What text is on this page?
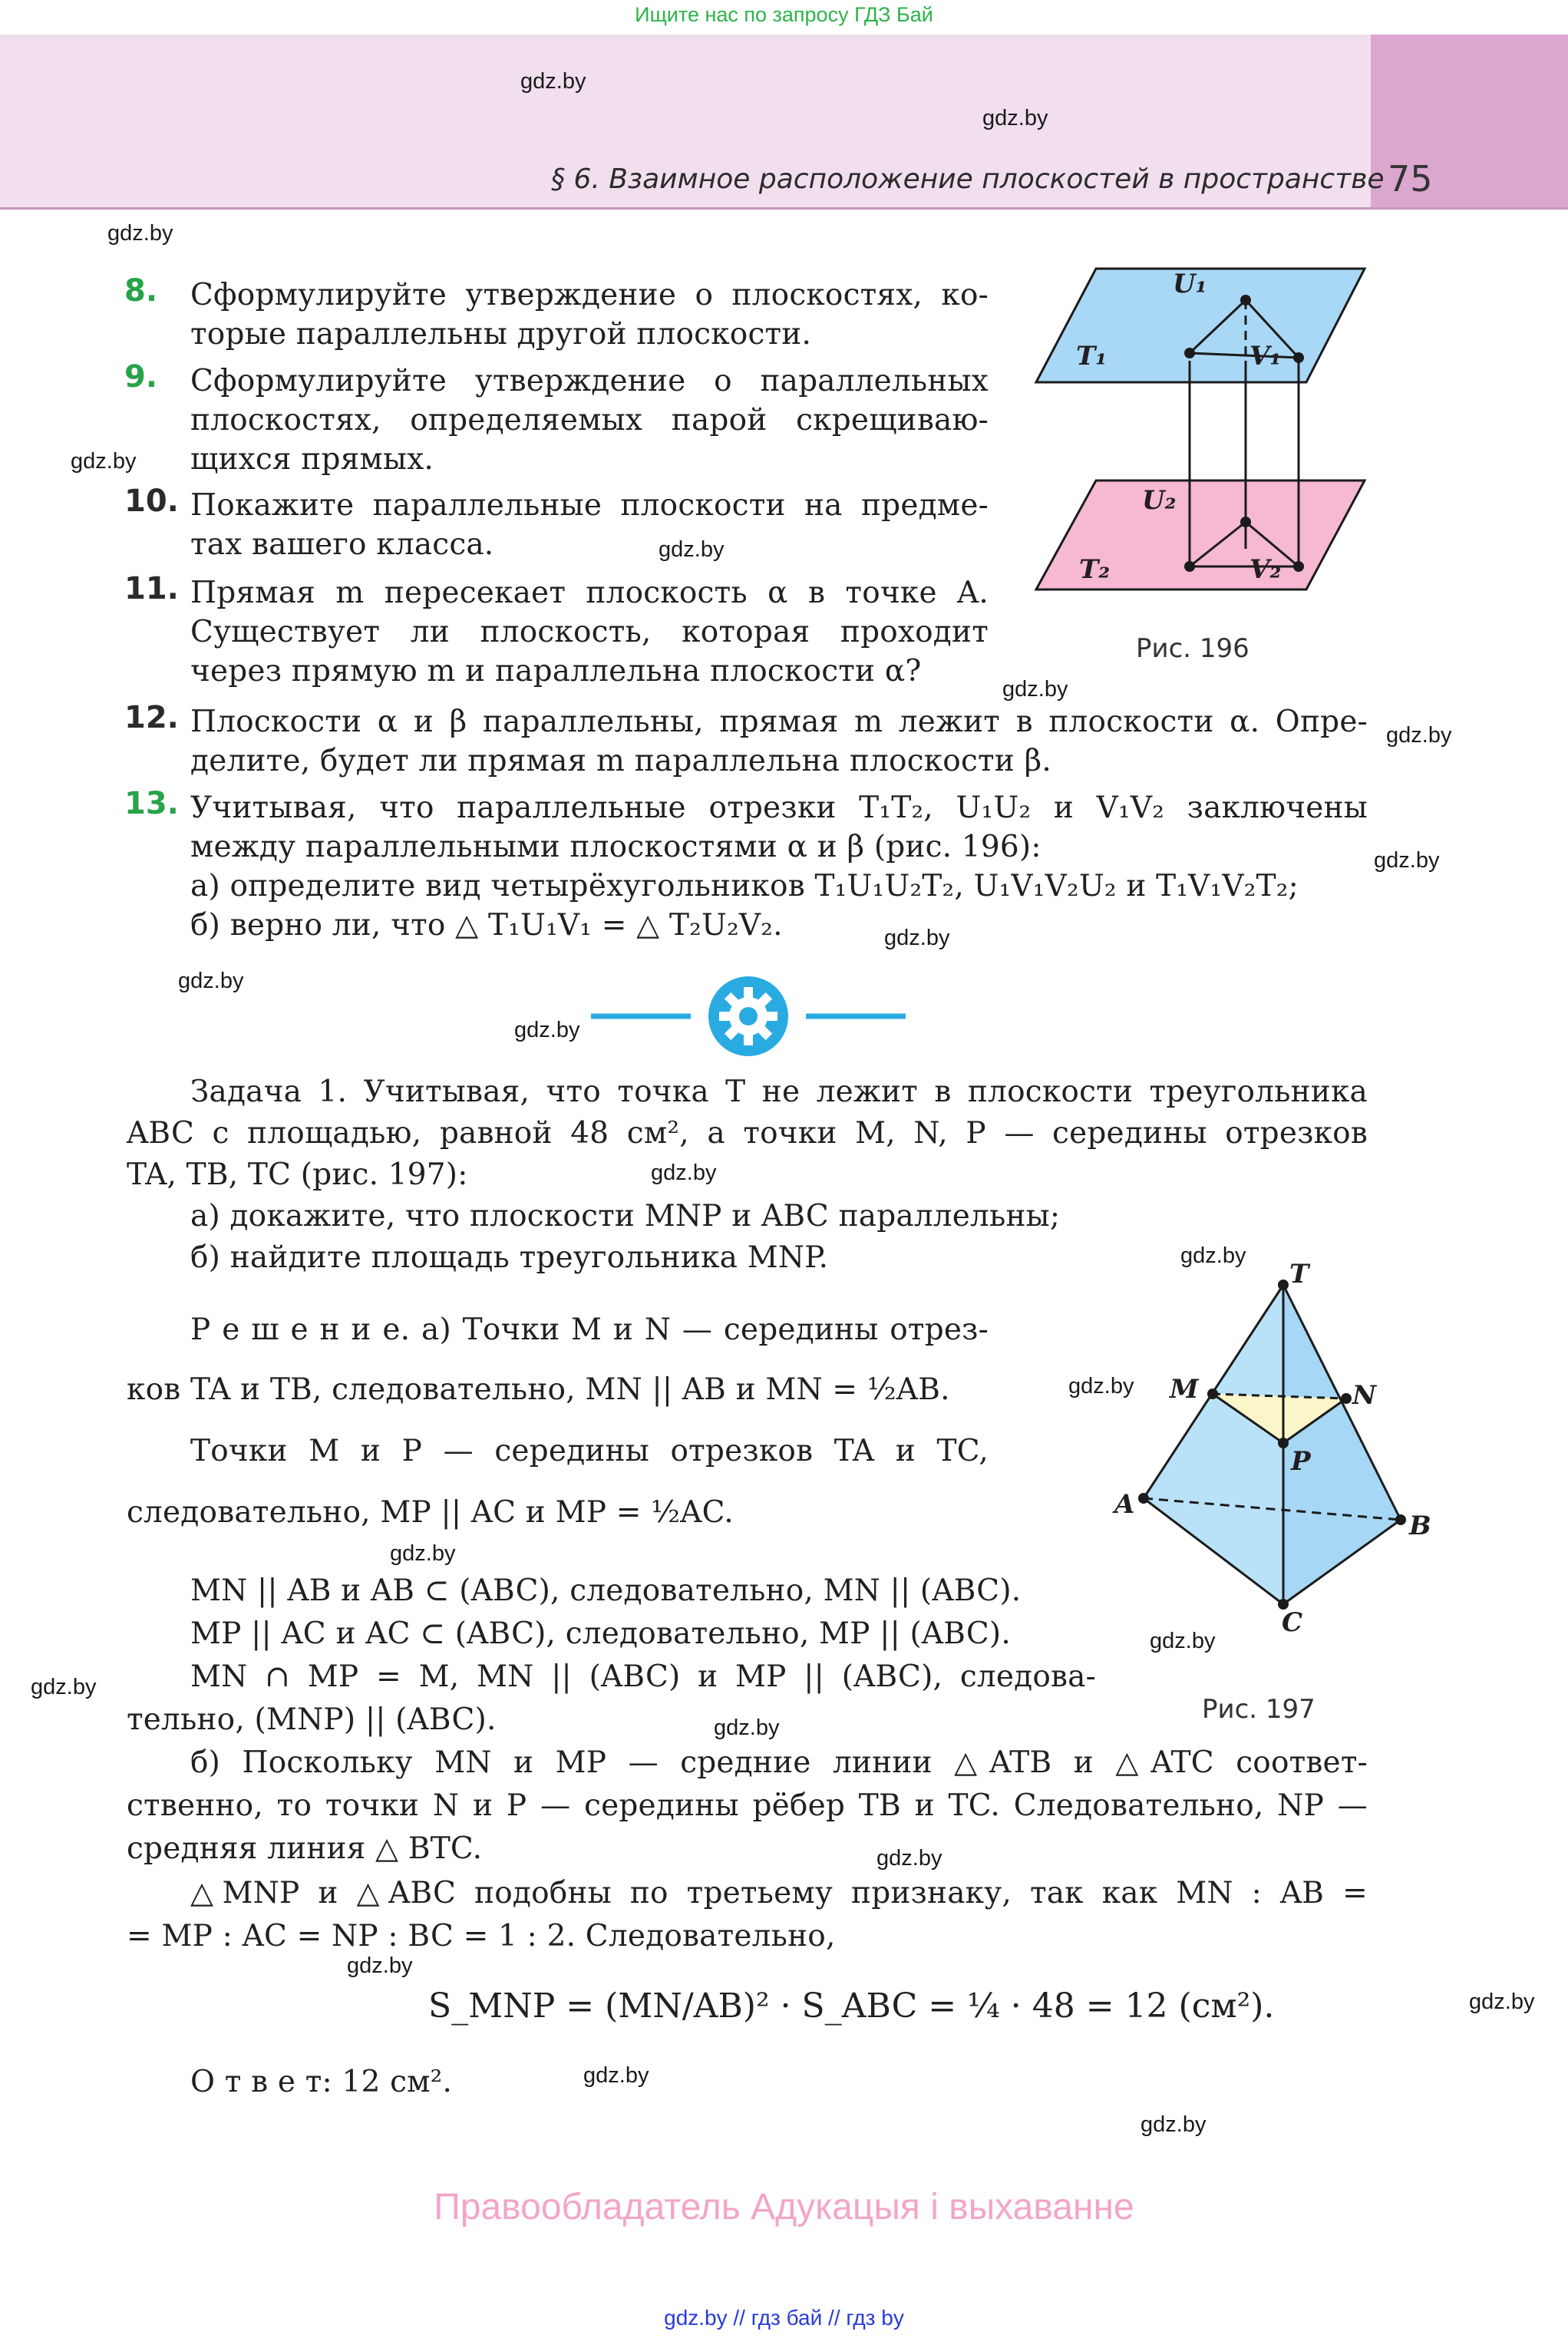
Ищите нас по запросу ГДЗ Бай
§ 6. Взаимное расположение плоскостей в пространстве 75
gdz.by
gdz.by
gdz.by
gdz.by
gdz.by
gdz.by
gdz.by
gdz.by
gdz.by
gdz.by
gdz.by
gdz.by
gdz.by
gdz.by
gdz.by
gdz.by
gdz.by
gdz.by
gdz.by
gdz.by
gdz.by
gdz.by
gdz.by
8. Сформулируйте утверждение о плоскостях, ко-
торые параллельны другой плоскости.
9. Сформулируйте утверждение о параллельных
плоскостях, определяемых парой скрещиваю-
щихся прямых.
10. Покажите параллельные плоскости на предме-
тах вашего класса.
11. Прямая m пересекает плоскость α в точке A.
Существует ли плоскость, которая проходит
через прямую m и параллельна плоскости α?
U₁
T₁	V₁
U₂
T₂	V₂
Рис. 196
12. Плоскости α и β параллельны, прямая m лежит в плоскости α. Опре-
делите, будет ли прямая m параллельна плоскости β.
13. Учитывая, что параллельные отрезки T₁T₂, U₁U₂ и V₁V₂ заключены
между параллельными плоскостями α и β (рис. 196):
а) определите вид четырёхугольников T₁U₁U₂T₂, U₁V₁V₂U₂ и T₁V₁V₂T₂;
б) верно ли, что △ T₁U₁V₁ = △ T₂U₂V₂.
Задача 1. Учитывая, что точка T не лежит в плоскости треугольника
ABC с площадью, равной 48 см², а точки M, N, P — середины отрезков
TA, TB, TC (рис. 197):
а) докажите, что плоскости MNP и ABC параллельны;
б) найдите площадь треугольника MNP.	T
M	N
P
A
B
C
Рис. 197
Р е ш е н и е. а) Точки M и N — середины отрез-
ков TA и TB, следовательно, MN || AB и MN = ½AB.
Точки M и P — середины отрезков TA и TC,
следовательно, MP || AC и MP = ½AC.
MN || AB и AB ⊂ (ABC), следовательно, MN || (ABC).
MP || AC и AC ⊂ (ABC), следовательно, MP || (ABC).
MN ∩ MP = M, MN || (ABC) и MP || (ABC), следова-
тельно, (MNP) || (ABC).
б) Поскольку MN и MP — средние линии △ATB и △ATC соответ-
ственно, то точки N и P — середины рёбер TB и TC. Следовательно, NP —
средняя линия △ BTC.
△MNP и △ABC подобны по третьему признаку, так как MN : AB =
= MP : AC = NP : BC = 1 : 2. Следовательно,
S_MNP = (MN/AB)² · S_ABC = ¼ · 48 = 12 (см²).
О т в е т: 12 см².
Правообладатель Адукацыя і выхаванне
gdz.by // гдз бай // гдз by
